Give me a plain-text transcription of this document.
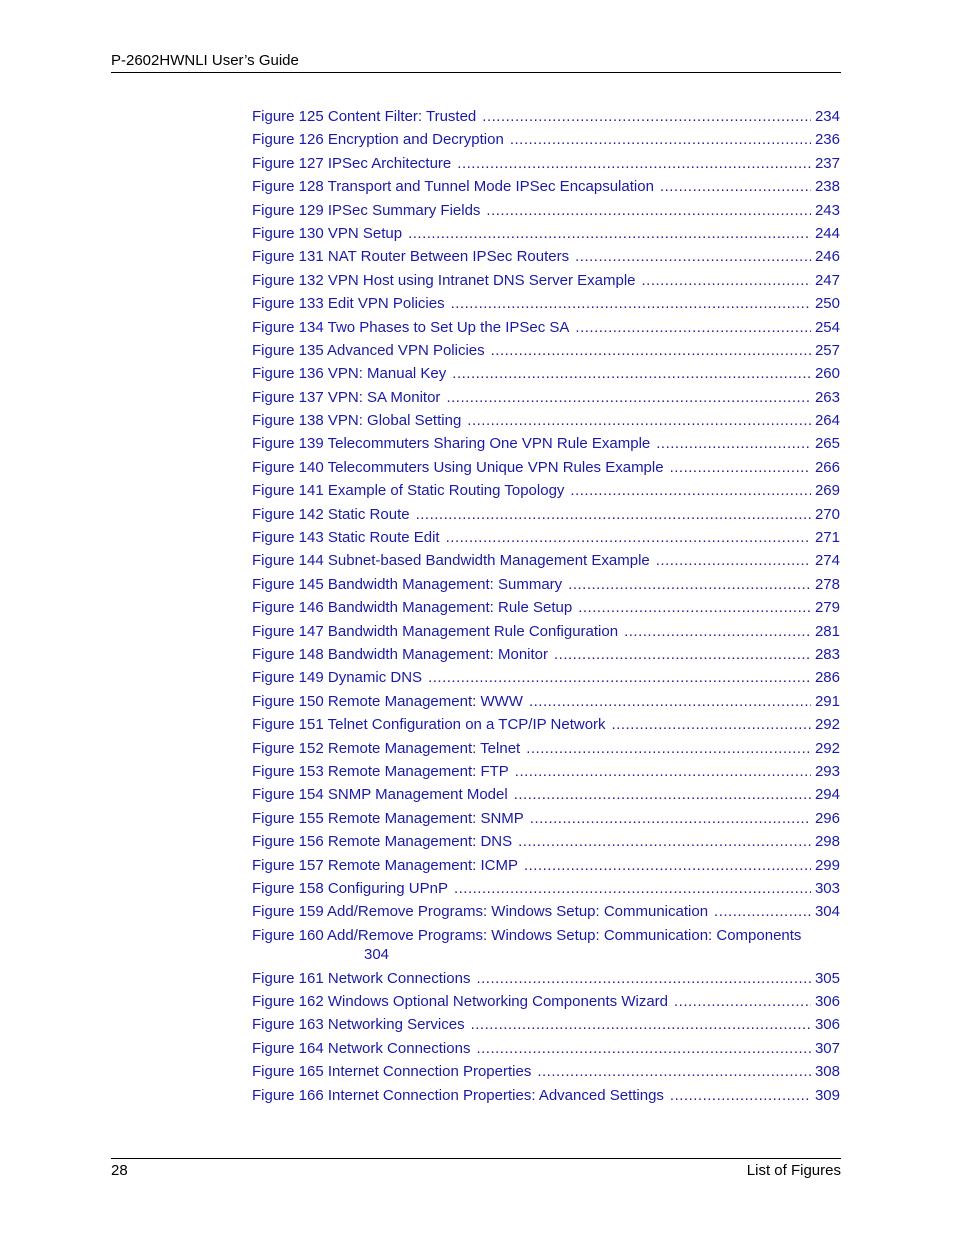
P-2602HWNLI User’s Guide
Figure 125 Content Filter: Trusted .....	234
Figure 126 Encryption and Decryption .....	236
Figure 127 IPSec Architecture .....	237
Figure 128 Transport and Tunnel Mode IPSec Encapsulation .....	238
Figure 129 IPSec Summary Fields .....	243
Figure 130 VPN Setup .....	244
Figure 131 NAT Router Between IPSec Routers .....	246
Figure 132 VPN Host using Intranet DNS Server Example .....	247
Figure 133 Edit VPN Policies .....	250
Figure 134 Two Phases to Set Up the IPSec SA .....	254
Figure 135 Advanced VPN Policies .....	257
Figure 136 VPN: Manual Key .....	260
Figure 137 VPN: SA Monitor .....	263
Figure 138 VPN: Global Setting .....	264
Figure 139 Telecommuters Sharing One VPN Rule Example .....	265
Figure 140 Telecommuters Using Unique VPN Rules Example .....	266
Figure 141 Example of Static Routing Topology .....	269
Figure 142 Static Route .....	270
Figure 143 Static Route Edit .....	271
Figure 144 Subnet-based Bandwidth Management Example .....	274
Figure 145 Bandwidth Management: Summary .....	278
Figure 146 Bandwidth Management: Rule Setup .....	279
Figure 147 Bandwidth Management Rule Configuration .....	281
Figure 148 Bandwidth Management: Monitor .....	283
Figure 149 Dynamic DNS .....	286
Figure 150 Remote Management: WWW .....	291
Figure 151 Telnet Configuration on a TCP/IP Network .....	292
Figure 152 Remote Management: Telnet .....	292
Figure 153 Remote Management: FTP .....	293
Figure 154 SNMP Management Model .....	294
Figure 155 Remote Management: SNMP .....	296
Figure 156 Remote Management: DNS .....	298
Figure 157 Remote Management: ICMP .....	299
Figure 158 Configuring UPnP .....	303
Figure 159 Add/Remove Programs: Windows Setup: Communication .....	304
Figure 160 Add/Remove Programs: Windows Setup: Communication: Components
304
Figure 161 Network Connections .....	305
Figure 162 Windows Optional Networking Components Wizard .....	306
Figure 163 Networking Services .....	306
Figure 164 Network Connections .....	307
Figure 165 Internet Connection Properties .....	308
Figure 166 Internet Connection Properties: Advanced Settings .....	309
28	List of Figures
